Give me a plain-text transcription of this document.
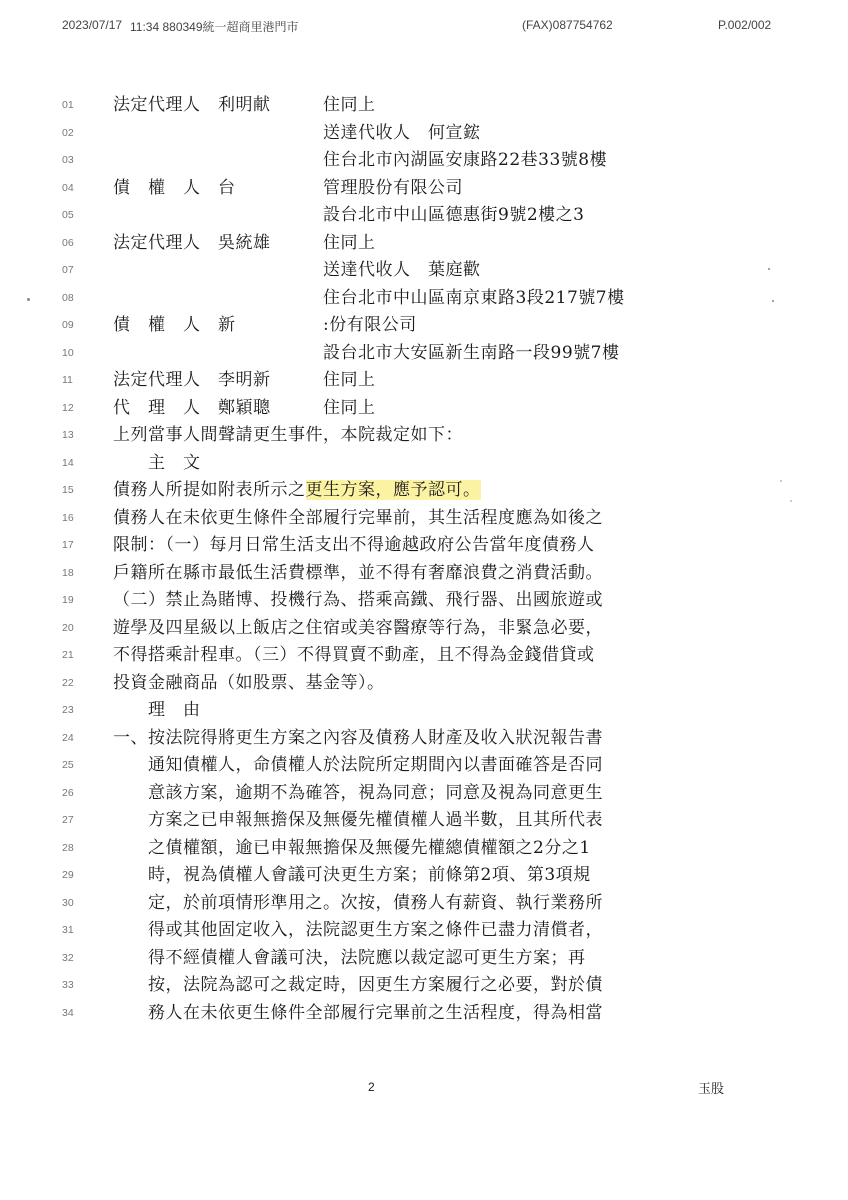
2023/07/17 11:34 880349統一超商里港門市	(FAX)087754762	P.002/002
01	法定代理人　利明献　　　住同上
02	　　　　　　　　　　　　送達代收人　何宣鋐
03	　　　　　　　　　　　　住台北市內湖區安康路22巷33號8樓
04	債　權　人　台　　　　　管理股份有限公司
05	　　　　　　　　　　　　設台北市中山區德惠街9號2樓之3
06	法定代理人　吳統雄　　　住同上
07	　　　　　　　　　　　　送達代收人　葉庭歡
08	　　　　　　　　　　　　住台北市中山區南京東路3段217號7樓
09	債　權　人　新　　　　　:份有限公司
10	　　　　　　　　　　　　設台北市大安區新生南路一段99號7樓
11	法定代理人　李明新　　　住同上
12	代　理　人　鄭穎聰　　　住同上
13	上列當事人間聲請更生事件，本院裁定如下：
14	　　主　文
15	債務人所提如附表所示之更生方案，應予認可。
16	債務人在未依更生條件全部履行完畢前，其生活程度應為如後之
17	限制：（一）每月日常生活支出不得逾越政府公告當年度債務人
18	戶籍所在縣市最低生活費標準，並不得有奢靡浪費之消費活動。
19	（二）禁止為賭博、投機行為、搭乘高鐵、飛行器、出國旅遊或
20	遊學及四星級以上飯店之住宿或美容醫療等行為，非緊急必要，
21	不得搭乘計程車。（三）不得買賣不動產，且不得為金錢借貸或
22	投資金融商品（如股票、基金等）。
23	　　理　由
24	一、按法院得將更生方案之內容及債務人財產及收入狀況報告書
25	　　通知債權人，命債權人於法院所定期間內以書面確答是否同
26	　　意該方案，逾期不為確答，視為同意；同意及視為同意更生
27	　　方案之已申報無擔保及無優先權債權人過半數，且其所代表
28	　　之債權額，逾已申報無擔保及無優先權總債權額之2分之1
29	　　時，視為債權人會議可決更生方案；前條第2項、第3項規
30	　　定，於前項情形準用之。次按，債務人有薪資、執行業務所
31	　　得或其他固定收入，法院認更生方案之條件已盡力清償者，
32	　　得不經債權人會議可決，法院應以裁定認可更生方案；再
33	　　按，法院為認可之裁定時，因更生方案履行之必要，對於債
34	　　務人在未依更生條件全部履行完畢前之生活程度，得為相當
2	玉股
